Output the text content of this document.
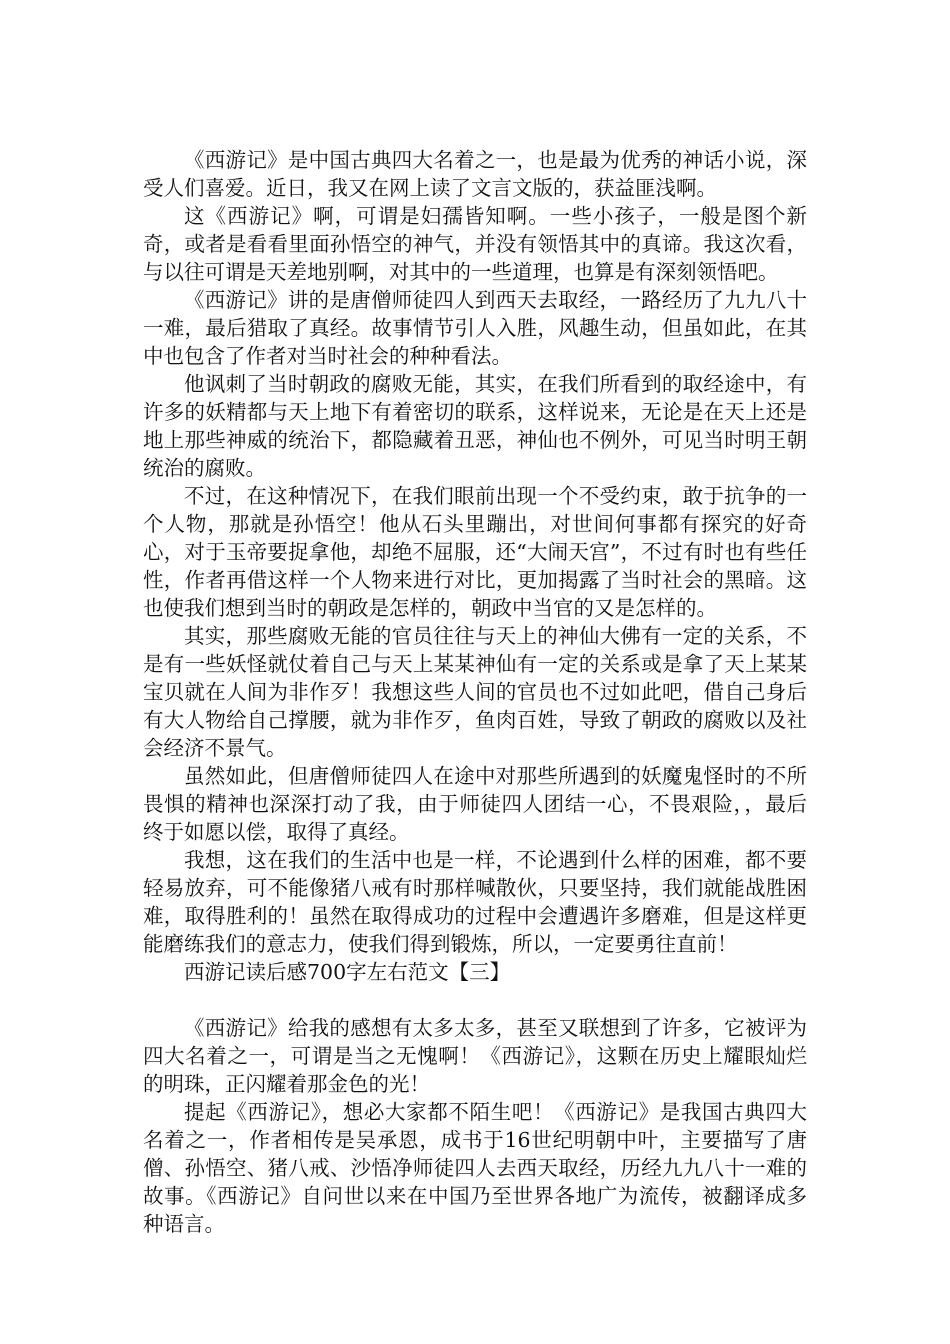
《西游记》是中国古典四大名着之一，也是最为优秀的神话小说，深受人们喜爱。近日，我又在网上读了文言文版的，获益匪浅啊。

这《西游记》啊，可谓是妇孺皆知啊。一些小孩子，一般是图个新奇，或者是看看里面孙悟空的神气，并没有领悟其中的真谛。我这次看，与以往可谓是天差地别啊，对其中的一些道理，也算是有深刻领悟吧。

《西游记》讲的是唐僧师徒四人到西天去取经，一路经历了九九八十一难，最后猎取了真经。故事情节引人入胜，风趣生动，但虽如此，在其中也包含了作者对当时社会的种种看法。

他讽刺了当时朝政的腐败无能，其实，在我们所看到的取经途中，有许多的妖精都与天上地下有着密切的联系，这样说来，无论是在天上还是地上那些神威的统治下，都隐藏着丑恶，神仙也不例外，可见当时明王朝统治的腐败。

不过，在这种情况下，在我们眼前出现一个不受约束，敢于抗争的一个人物，那就是孙悟空！他从石头里蹦出，对世间何事都有探究的好奇心，对于玉帝要捉拿他，却绝不屈服，还“大闹天宫”，不过有时也有些任性，作者再借这样一个人物来进行对比，更加揭露了当时社会的黑暗。这也使我们想到当时的朝政是怎样的，朝政中当官的又是怎样的。

其实，那些腐败无能的官员往往与天上的神仙大佛有一定的关系，不是有一些妖怪就仗着自己与天上某某神仙有一定的关系或是拿了天上某某宝贝就在人间为非作歹！我想这些人间的官员也不过如此吧，借自己身后有大人物给自己撑腰，就为非作歹，鱼肉百姓，导致了朝政的腐败以及社会经济不景气。

虽然如此，但唐僧师徒四人在途中对那些所遇到的妖魔鬼怪时的不所畏惧的精神也深深打动了我，由于师徒四人团结一心，不畏艰险，，最后终于如愿以偿，取得了真经。

我想，这在我们的生活中也是一样，不论遇到什么样的困难，都不要轻易放弃，可不能像猪八戒有时那样喊散伙，只要坚持，我们就能战胜困难，取得胜利的！虽然在取得成功的过程中会遭遇许多磨难，但是这样更能磨练我们的意志力，使我们得到锻炼，所以，一定要勇往直前！

西游记读后感700字左右范文【三】

《西游记》给我的感想有太多太多，甚至又联想到了许多，它被评为四大名着之一，可谓是当之无愧啊！《西游记》，这颗在历史上耀眼灿烂的明珠，正闪耀着那金色的光！

提起《西游记》，想必大家都不陌生吧！《西游记》是我国古典四大名着之一，作者相传是吴承恩，成书于16世纪明朝中叶，主要描写了唐僧、孙悟空、猪八戒、沙悟净师徒四人去西天取经，历经九九八十一难的故事。《西游记》自问世以来在中国乃至世界各地广为流传，被翻译成多种语言。
